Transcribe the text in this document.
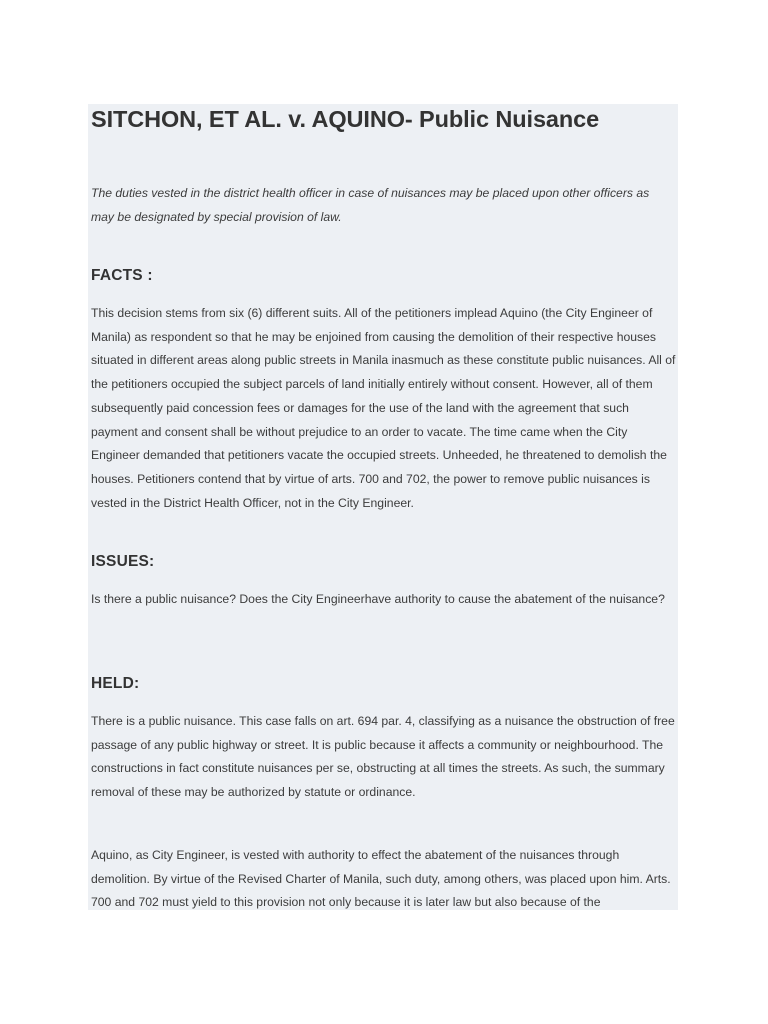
SITCHON, ET AL. v. AQUINO- Public Nuisance

The duties vested in the district health officer in case of nuisances may be placed upon other officers as may be designated by special provision of law.

FACTS :

This decision stems from six (6) different suits. All of the petitioners implead Aquino (the City Engineer of Manila) as respondent so that he may be enjoined from causing the demolition of their respective houses situated in different areas along public streets in Manila inasmuch as these constitute public nuisances. All of the petitioners occupied the subject parcels of land initially entirely without consent. However, all of them subsequently paid concession fees or damages for the use of the land with the agreement that such payment and consent shall be without prejudice to an order to vacate. The time came when the City Engineer demanded that petitioners vacate the occupied streets. Unheeded, he threatened to demolish the houses. Petitioners contend that by virtue of arts. 700 and 702, the power to remove public nuisances is vested in the District Health Officer, not in the City Engineer.

ISSUES:

Is there a public nuisance? Does the City Engineerhave authority to cause the abatement of the nuisance?

HELD:

There is a public nuisance. This case falls on art. 694 par. 4, classifying as a nuisance the obstruction of free passage of any public highway or street. It is public because it affects a community or neighbourhood. The constructions in fact constitute nuisances per se, obstructing at all times the streets. As such, the summary removal of these may be authorized by statute or ordinance.

Aquino, as City Engineer, is vested with authority to effect the abatement of the nuisances through demolition. By virtue of the Revised Charter of Manila, such duty, among others, was placed upon him. Arts. 700 and 702 must yield to this provision not only because it is later law but also because of the
